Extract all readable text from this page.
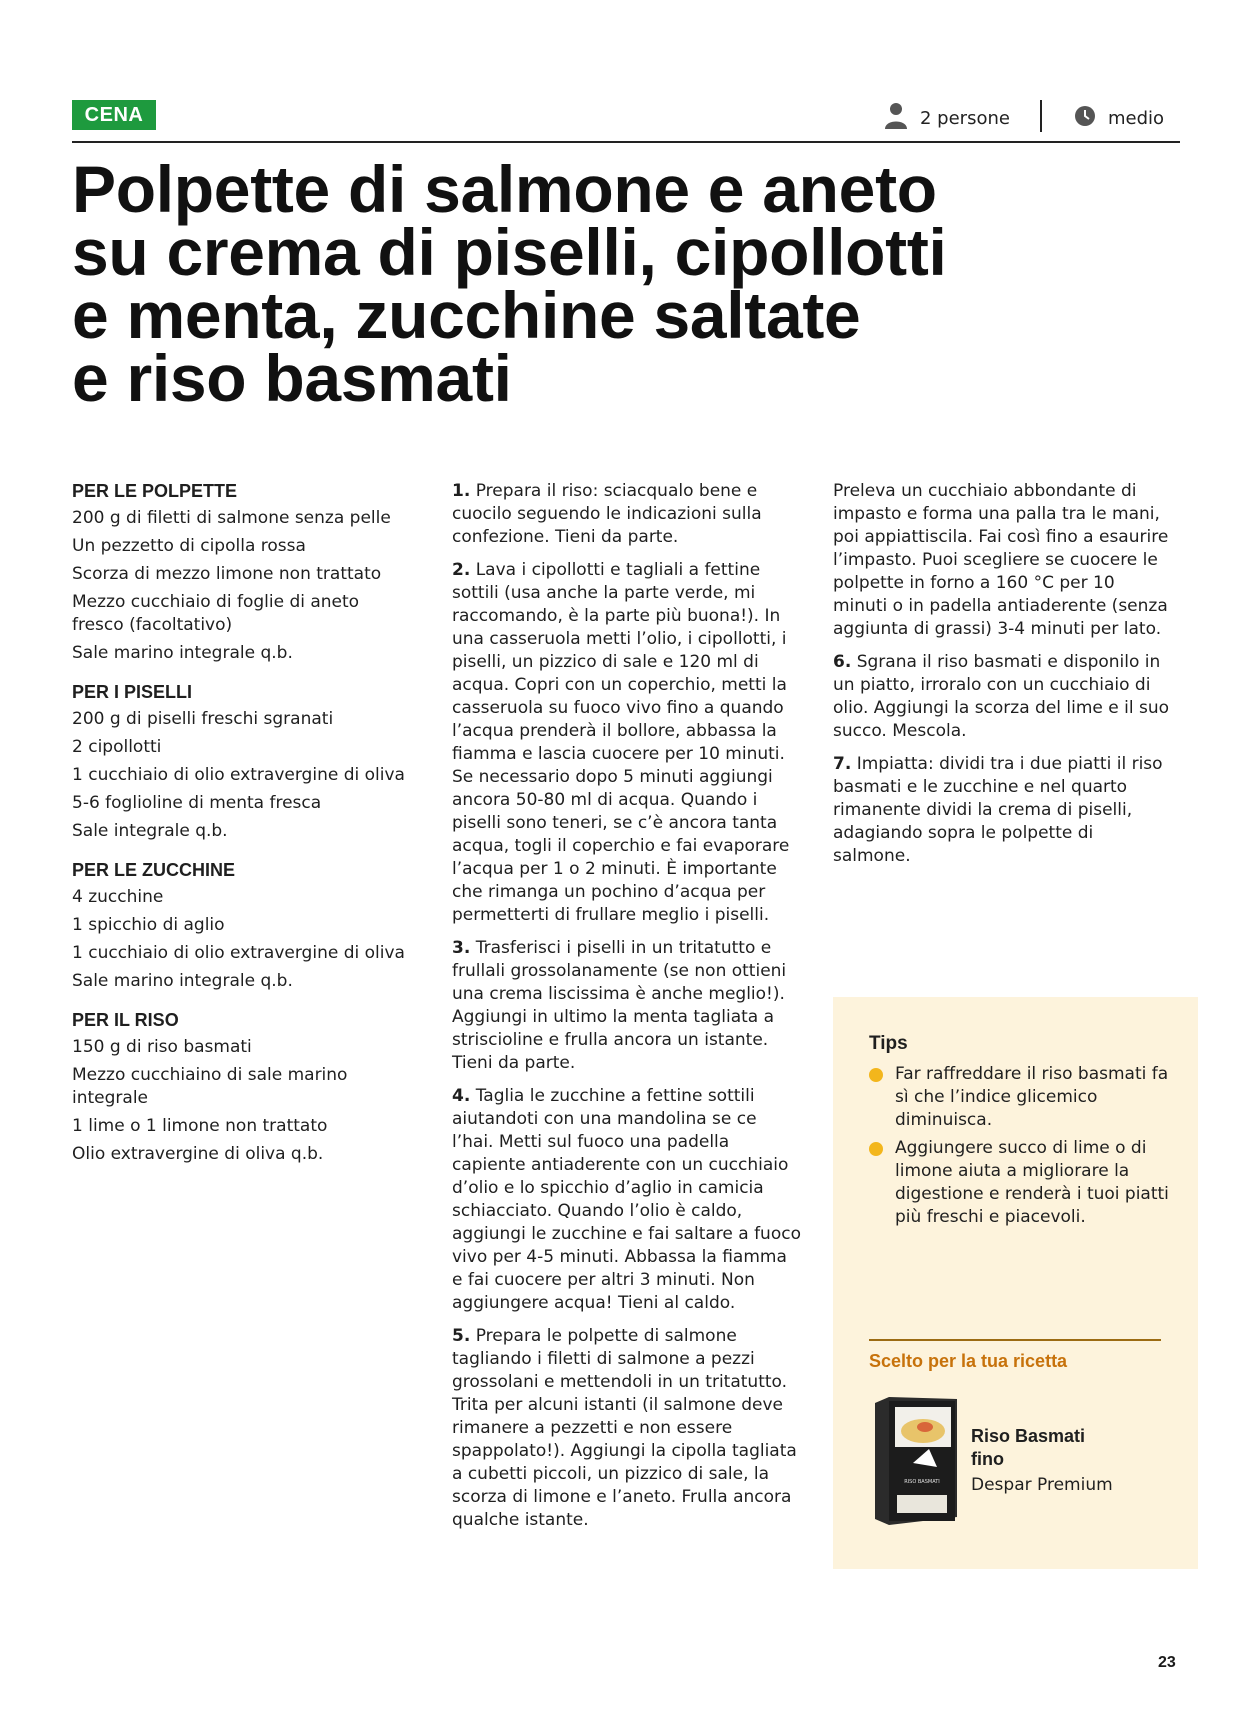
CENA	2 persone	medio
Polpette di salmone e aneto
su crema di piselli, cipollotti
e menta, zucchine saltate
e riso basmati
PER LE POLPETTE
200 g di filetti di salmone senza pelle
Un pezzetto di cipolla rossa
Scorza di mezzo limone non trattato
Mezzo cucchiaio di foglie di aneto fresco (facoltativo)
Sale marino integrale q.b.
PER I PISELLI
200 g di piselli freschi sgranati
2 cipollotti
1 cucchiaio di olio extravergine di oliva
5-6 foglioline di menta fresca
Sale integrale q.b.
PER LE ZUCCHINE
4 zucchine
1 spicchio di aglio
1 cucchiaio di olio extravergine di oliva
Sale marino integrale q.b.
PER IL RISO
150 g di riso basmati
Mezzo cucchiaino di sale marino integrale
1 lime o 1 limone non trattato
Olio extravergine di oliva q.b.
1. Prepara il riso: sciacqualo bene e cuocilo seguendo le indicazioni sulla confezione. Tieni da parte.
2. Lava i cipollotti e tagliali a fettine sottili (usa anche la parte verde, mi raccomando, è la parte più buona!). In una casseruola metti l’olio, i cipollotti, i piselli, un pizzico di sale e 120 ml di acqua. Copri con un coperchio, metti la casseruola su fuoco vivo fino a quando l’acqua prenderà il bollore, abbassa la fiamma e lascia cuocere per 10 minuti. Se necessario dopo 5 minuti aggiungi ancora 50-80 ml di acqua. Quando i piselli sono teneri, se c’è ancora tanta acqua, togli il coperchio e fai evaporare l’acqua per 1 o 2 minuti. È importante che rimanga un pochino d’acqua per permetterti di frullare meglio i piselli.
3. Trasferisci i piselli in un tritatutto e frullali grossolanamente (se non ottieni una crema liscissima è anche meglio!). Aggiungi in ultimo la menta tagliata a striscioline e frulla ancora un istante. Tieni da parte.
4. Taglia le zucchine a fettine sottili aiutandoti con una mandolina se ce l’hai. Metti sul fuoco una padella capiente antiaderente con un cucchiaio d’olio e lo spicchio d’aglio in camicia schiacciato. Quando l’olio è caldo, aggiungi le zucchine e fai saltare a fuoco vivo per 4-5 minuti. Abbassa la fiamma e fai cuocere per altri 3 minuti. Non aggiungere acqua! Tieni al caldo.
5. Prepara le polpette di salmone tagliando i filetti di salmone a pezzi grossolani e mettendoli in un tritatutto. Trita per alcuni istanti (il salmone deve rimanere a pezzetti e non essere spappolato!). Aggiungi la cipolla tagliata a cubetti piccoli, un pizzico di sale, la scorza di limone e l’aneto. Frulla ancora qualche istante.
Preleva un cucchiaio abbondante di impasto e forma una palla tra le mani, poi appiattiscila. Fai così fino a esaurire l’impasto. Puoi scegliere se cuocere le polpette in forno a 160 °C per 10 minuti o in padella antiaderente (senza aggiunta di grassi) 3-4 minuti per lato.
6. Sgrana il riso basmati e disponilo in un piatto, irroralo con un cucchiaio di olio. Aggiungi la scorza del lime e il suo succo. Mescola.
7. Impiatta: dividi tra i due piatti il riso basmati e le zucchine e nel quarto rimanente dividi la crema di piselli, adagiando sopra le polpette di salmone.
Tips
Far raffreddare il riso basmati fa sì che l’indice glicemico diminuisca.
Aggiungere succo di lime o di limone aiuta a migliorare la digestione e renderà i tuoi piatti più freschi e piacevoli.
Scelto per la tua ricetta
RISO BASMATI
Riso Basmati fino
Despar Premium
23
